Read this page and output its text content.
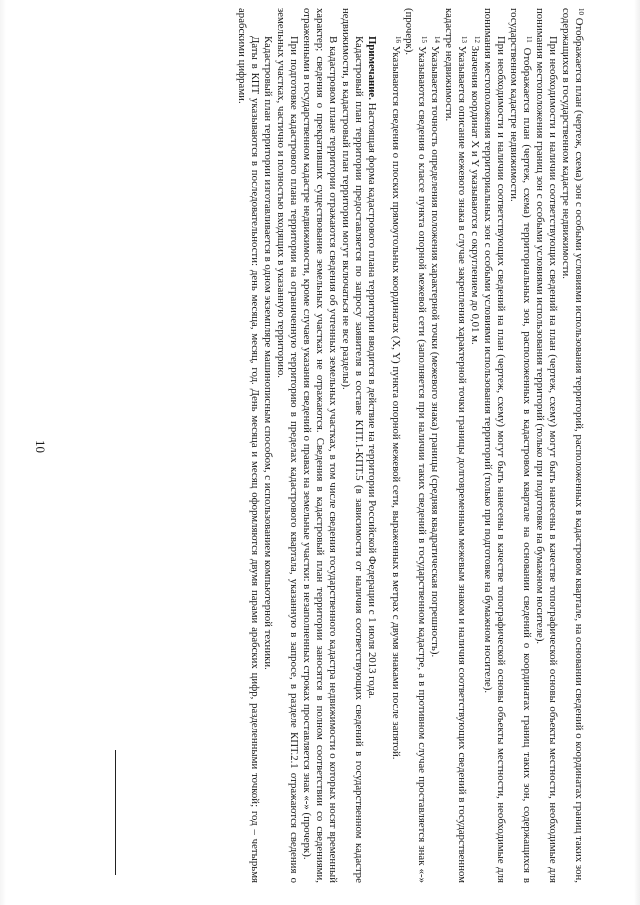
10

$^{10}$ Отображается план (чертеж, схема) зон с особыми условиями использования территорий, расположенных в кадастровом квартале, на основании сведений о координатах границ таких зон, содержащихся в государственном кадастре недвижимости.

При необходимости и наличии соответствующих сведений на план (чертеж, схему) могут быть нанесены в качестве топографической основы объекты местности, необходимые для понимания местоположения границ зон с особыми условиями использования территорий (только при подготовке на бумажном носителе).

$^{11}$ Отображается план (чертеж, схема) территориальных зон, расположенных в кадастровом квартале на основании сведений о координатах границ таких зон, содержащихся в государственном кадастре недвижимости.

При необходимости и наличии соответствующих сведений на план (чертеж, схему) могут быть нанесены в качестве топографической основы объекты местности, необходимые для понимания местоположения территориальных зон с особыми условиями использования территорий (только при подготовке на бумажном носителе).

$^{12}$ Значения координат X и Y указываются с округлением до 0,01 м.

$^{13}$ Указывается описание межевого знака в случае закрепления характерной точки границы долговременным межевым знаком и наличия соответствующих сведений в государственном кадастре недвижимости.

$^{14}$ Указывается точность определения положения характерной точки (межевого знака) границы (средняя квадратическая погрешность).

$^{15}$ Указываются сведения о классе пункта опорной межевой сети (заполняется при наличии таких сведений в государственном кадастре, а в противном случае проставляется знак «-» (прочерк).

$^{16}$ Указываются сведения о плоских прямоугольных координатах (X, Y) пункта опорной межевой сети, выраженных в метрах с двумя знаками после запятой.

Примечание. Настоящая форма кадастрового плана территории вводится в действие на территории Российской Федерации с 1 июля 2013 года.

Кадастровый план территории предоставляется по запросу заявителя в составе КПТ.1-КПТ.5 (в зависимости от наличия соответствующих сведений в государственном кадастре недвижимости, в кадастровый план территории могут включаться не все разделы).

В кадастровом плане территории отражаются сведения об учтенных земельных участках, в том числе сведения государственного кадастра недвижимости о которых носят временный характер; сведения о прекративших существование земельных участках не отражаются. Сведения в кадастровый план территории заносятся в полном соответствии со сведениями, отраженными в государственном кадастре недвижимости, кроме случаев указания сведений о правах на земельные участки: в незаполненных строках проставляется знак «-» (прочерк).

При подготовке кадастрового плана территории на ограниченную территорию в пределах кадастрового квартала, указанную в запросе, в разделе КПТ.2.1 отражаются сведения о земельных участках, частично и полностью входящих в указанную территорию.

Кадастровый план территории изготавливается в одном экземпляре машинописным способом, с использованием компьютерной техники.

Даты в КПТ указываются в последовательности: день месяца, месяц, год. День месяца и месяц оформляются двумя парами арабских цифр, разделенными точкой; год – четырьмя арабскими цифрами.
